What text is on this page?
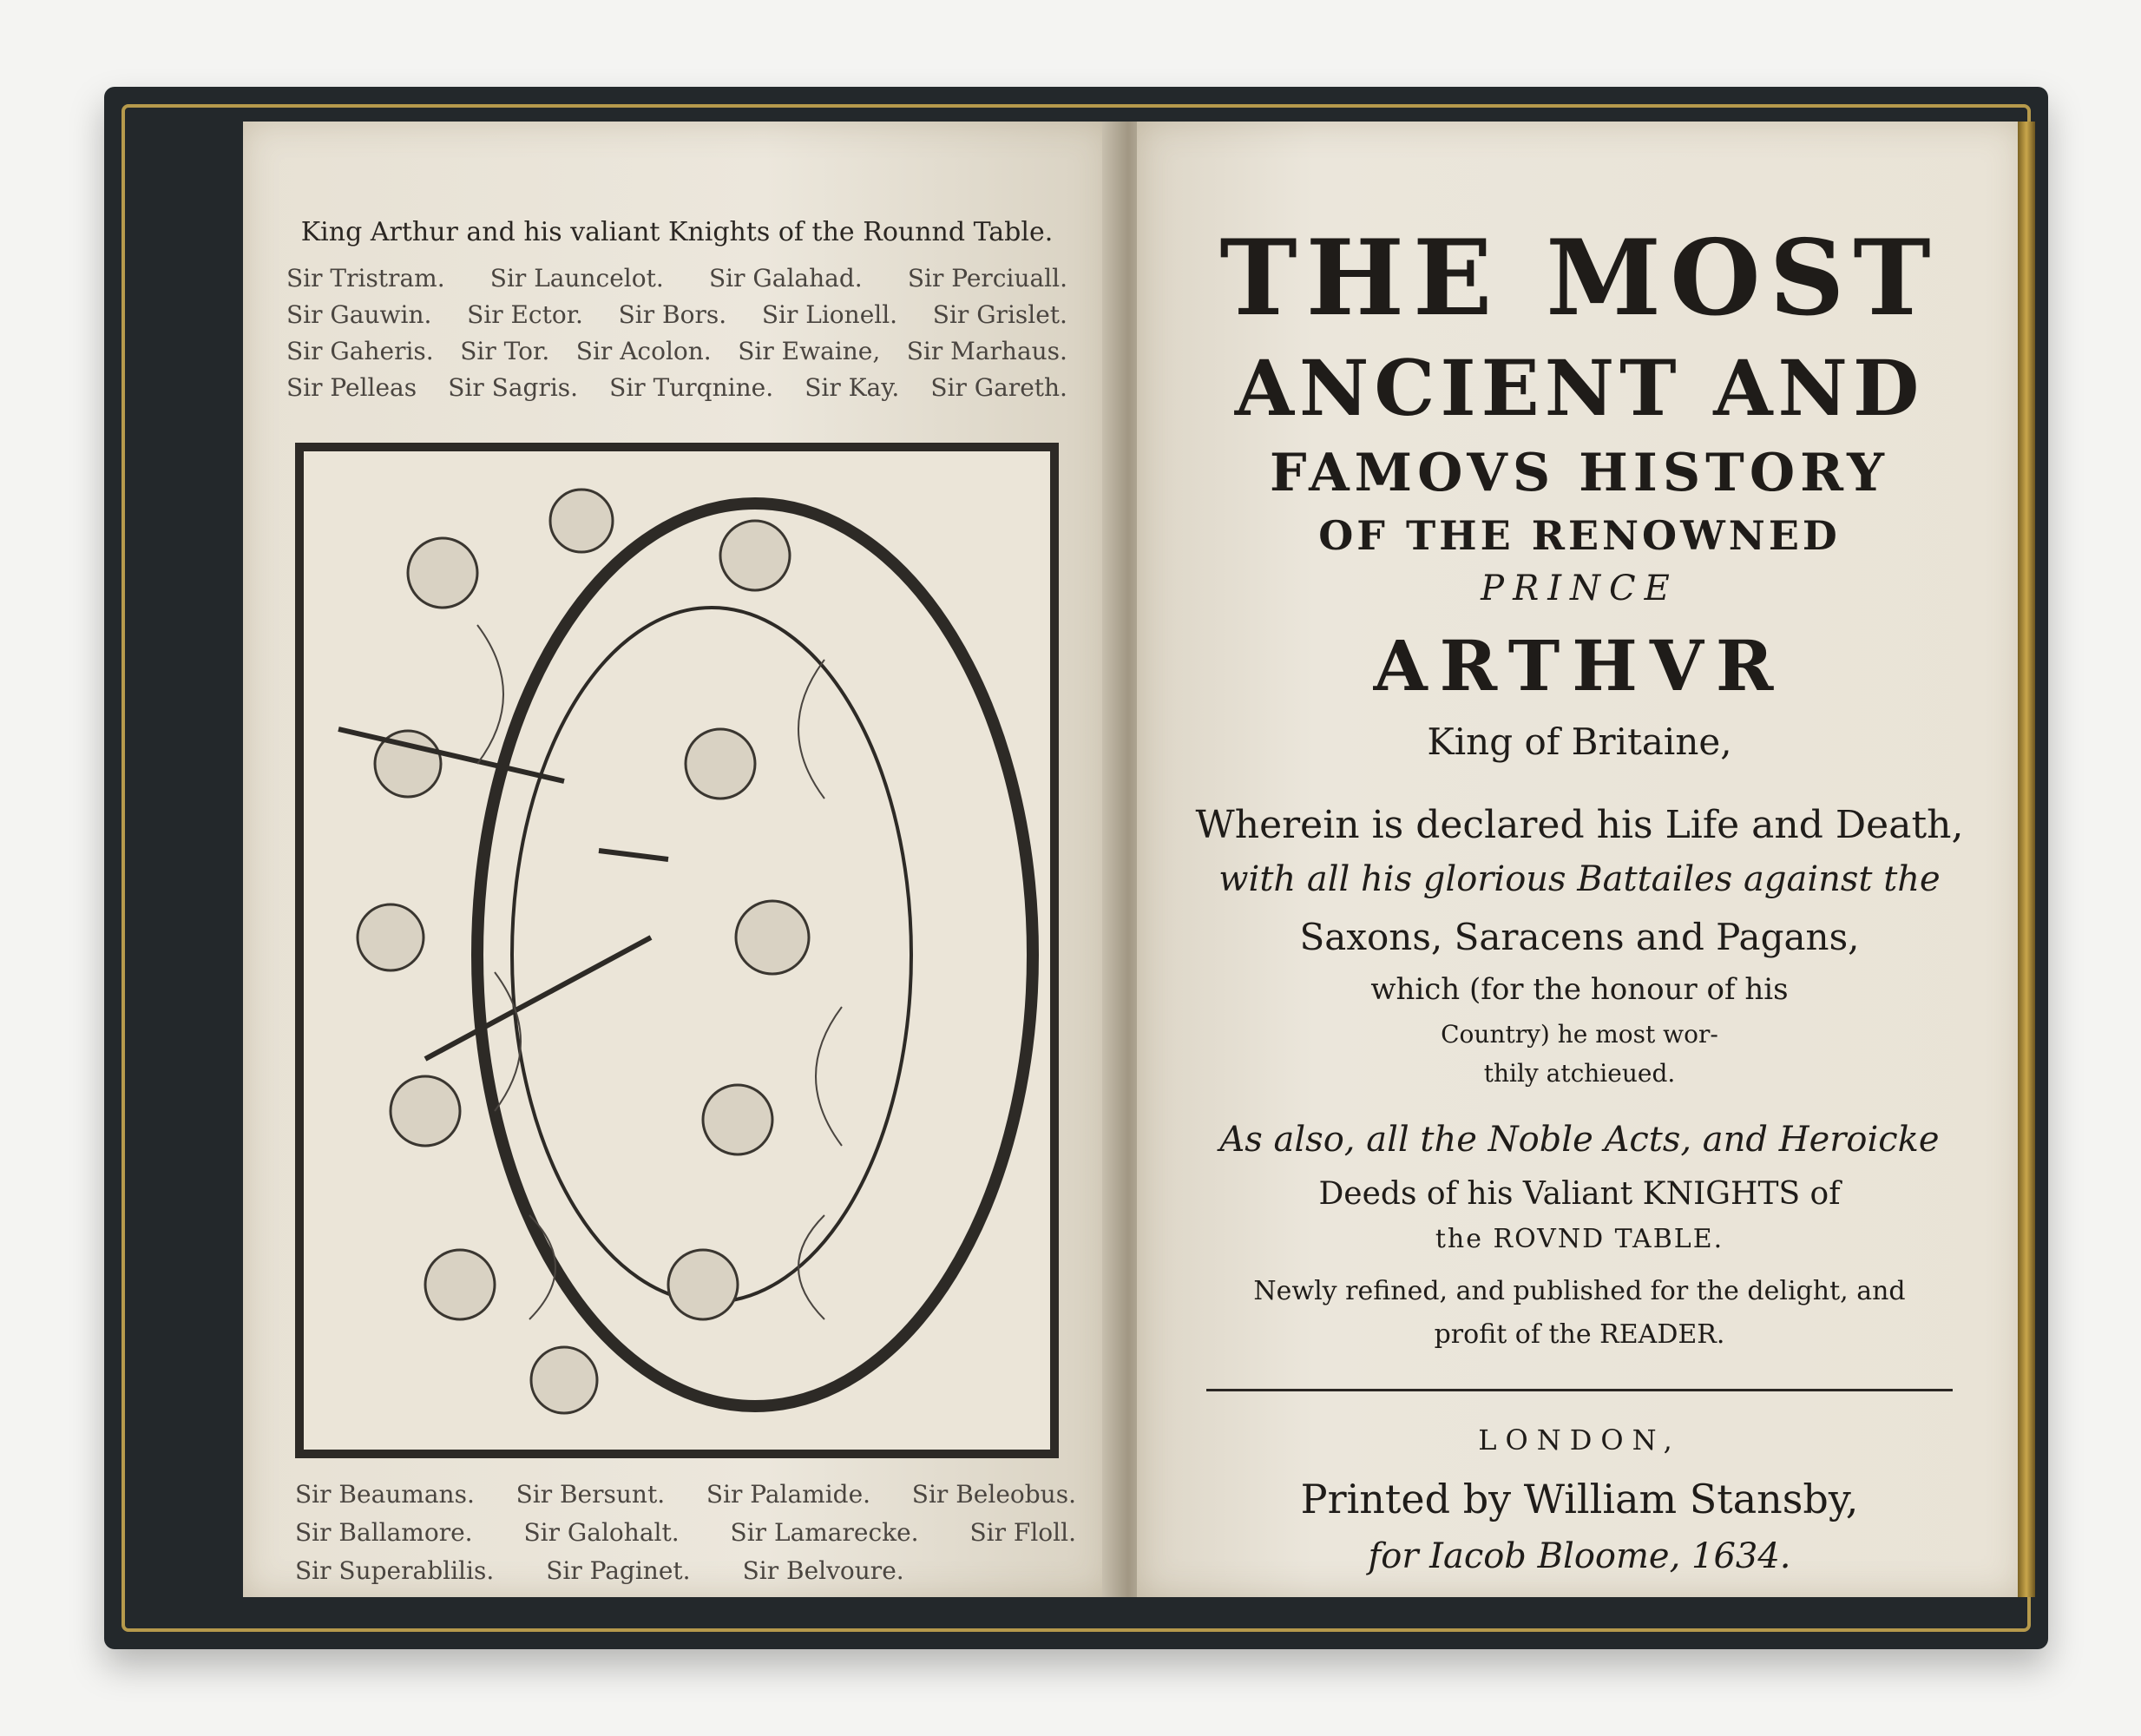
King Arthur and his valiant Knights of the Rounnd Table.
Sir Tristram. Sir Launcelot. Sir Galahad. Sir Perciuall.
Sir Gauwin. Sir Ector. Sir Bors. Sir Lionell. Sir Grislet.
Sir Gaheris. Sir Tor. Sir Acolon. Sir Ewaine, Sir Marhaus.
Sir Pelleas Sir Sagris. Sir Turqnine. Sir Kay. Sir Gareth.
Sir Beaumans. Sir Bersunt. Sir Palamide. Sir Beleobus.
Sir Ballamore. Sir Galohalt. Sir Lamarecke. Sir Floll.
Sir Superablilis. Sir Paginet. Sir Belvoure.
THE MOST
ANCIENT AND
FAMOVS HISTORY
OF THE RENOWNED
PRINCE
ARTHVR
King of Britaine,
Wherein is declared his Life and Death,
with all his glorious Battailes against the
Saxons, Saracens and Pagans,
which (for the honour of his
Country) he most wor-
thily atchieued.
As also, all the Noble Acts, and Heroicke
Deeds of his Valiant KNIGHTS of
the ROVND TABLE.
Newly refined, and published for the delight, and
profit of the READER.
LONDON,
Printed by William Stansby,
for Iacob Bloome, 1634.
